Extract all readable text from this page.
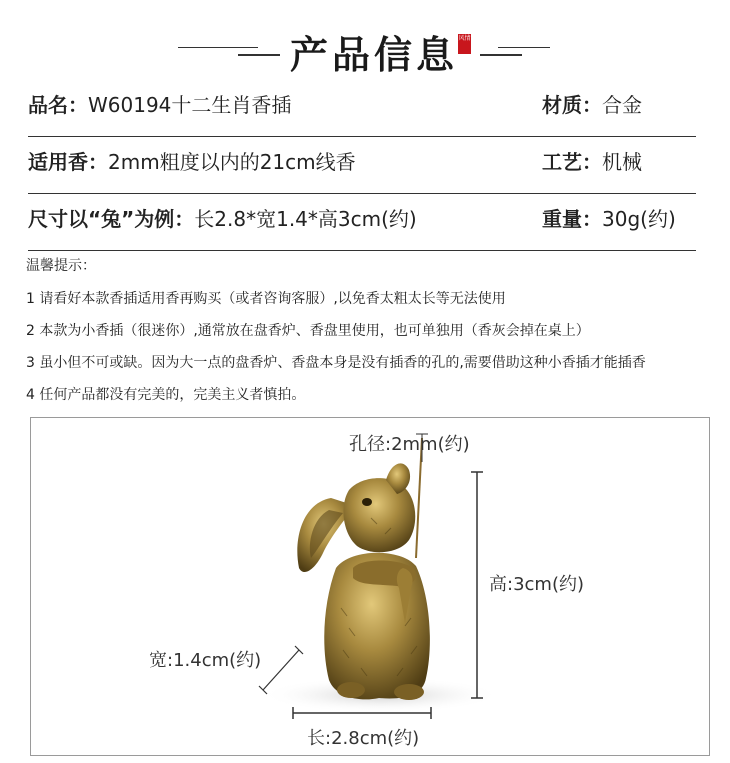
产品信息 风情
品名：W60194十二生肖香插	材质：合金
适用香：2mm粗度以内的21cm线香	工艺：机械
尺寸以“兔”为例：长2.8*宽1.4*高3cm(约)	重量：30g(约)
温馨提示：
1 请看好本款香插适用香再购买（或者咨询客服）,以免香太粗太长等无法使用
2 本款为小香插（很迷你）,通常放在盘香炉、香盘里使用，也可单独用（香灰会掉在桌上）
3 虽小但不可或缺。因为大一点的盘香炉、香盘本身是没有插香的孔的,需要借助这种小香插才能插香
4 任何产品都没有完美的，完美主义者慎拍。
孔径:2mm(约)
高:3cm(约)
宽:1.4cm(约)
长:2.8cm(约)
